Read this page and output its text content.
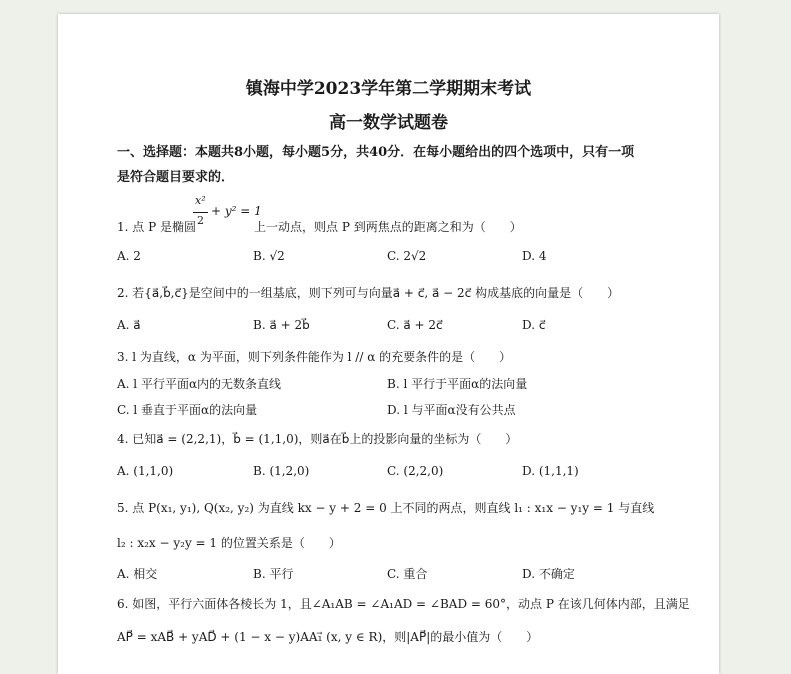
镇海中学2023学年第二学期期末考试
高一数学试题卷
一、选择题：本题共8小题，每小题5分，共40分．在每小题给出的四个选项中，只有一项
是符合题目要求的．
1. 点 P 是椭圆
x²
2
+ y² = 1
上一动点，则点 P 到两焦点的距离之和为（　　）
A. 2	B. √2	C. 2√2	D. 4
2. 若{a⃗,b⃗,c⃗}是空间中的一组基底，则下列可与向量a⃗ + c⃗, a⃗ − 2c⃗ 构成基底的向量是（　　）
A. a⃗	B. a⃗ + 2b⃗	C. a⃗ + 2c⃗	D. c⃗
3. l 为直线，α 为平面，则下列条件能作为 l // α 的充要条件的是（　　）
A. l 平行平面α内的无数条直线	B. l 平行于平面α的法向量
C. l 垂直于平面α的法向量	D. l 与平面α没有公共点
4. 已知a⃗ = (2,2,1)，b⃗ = (1,1,0)，则a⃗在b⃗上的投影向量的坐标为（　　）
A. (1,1,0)	B. (1,2,0)	C. (2,2,0)	D. (1,1,1)
5. 点 P(x₁, y₁), Q(x₂, y₂) 为直线 kx − y + 2 = 0 上不同的两点，则直线 l₁ : x₁x − y₁y = 1 与直线
l₂ : x₂x − y₂y = 1 的位置关系是（　　）
A. 相交	B. 平行	C. 重合	D. 不确定
6. 如图，平行六面体各棱长为 1，且∠A₁AB = ∠A₁AD = ∠BAD = 60°，动点 P 在该几何体内部，且满足
AP⃗ = xAB⃗ + yAD⃗ + (1 − x − y)AA₁⃗ (x, y ∈ R)，则|AP⃗|的最小值为（　　）
